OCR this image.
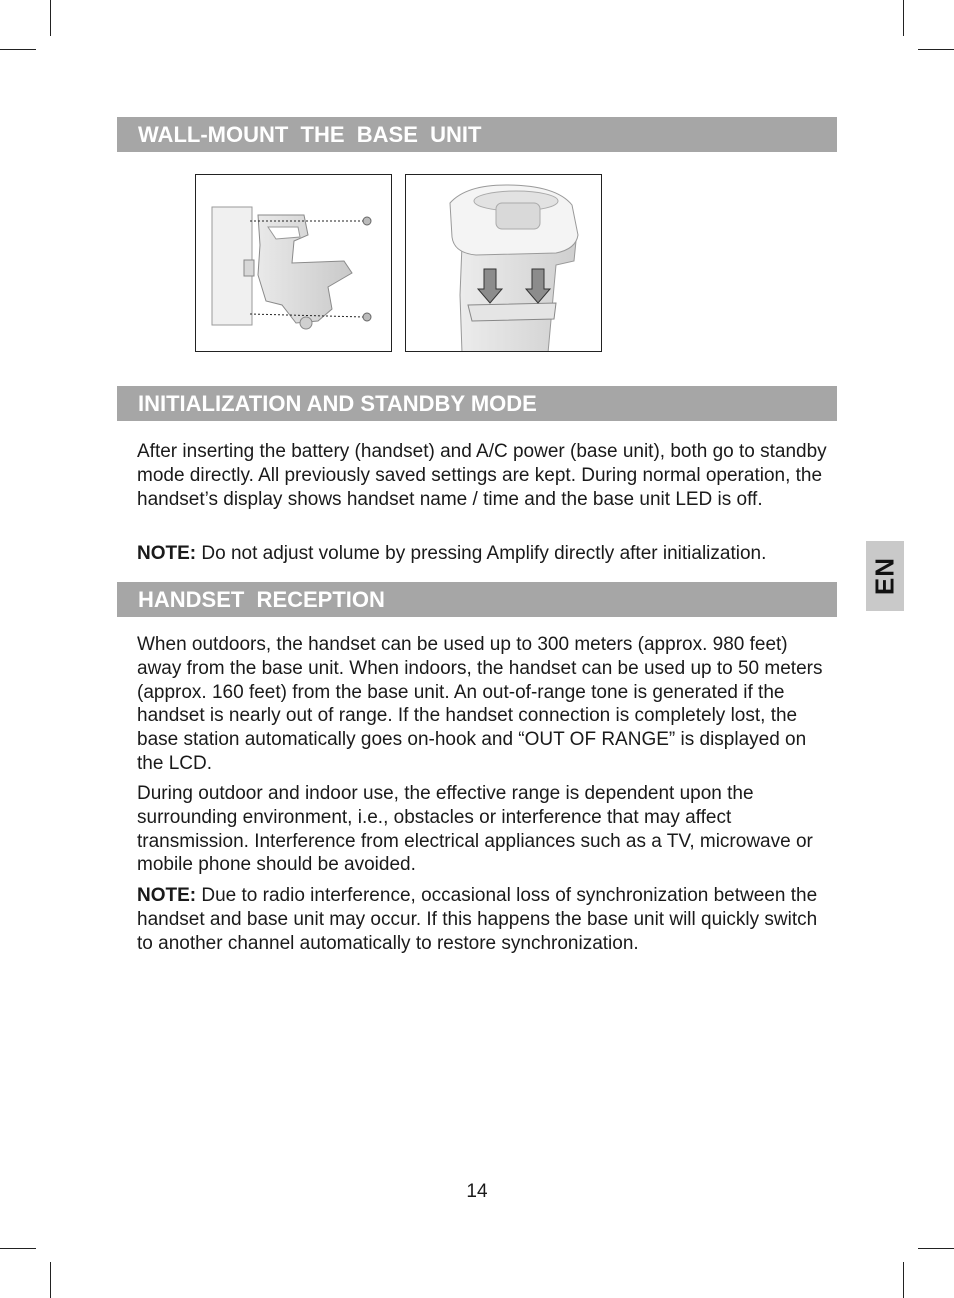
WALL-MOUNT  THE  BASE  UNIT
INITIALIZATION AND STANDBY MODE

After inserting the battery (handset) and A/C power (base unit), both go to standby mode directly. All previously saved settings are kept. During normal operation, the handset’s display shows handset name / time and the base unit LED is off.

NOTE: Do not adjust volume by pressing Amplify directly after initialization.

HANDSET  RECEPTION

When outdoors, the handset can be used up to 300 meters (approx. 980 feet) away from the base unit. When indoors, the handset can be used up to 50 meters (approx. 160 feet) from the base unit. An out-of-range tone is generated if the handset is nearly out of range. If the handset connection is completely lost, the base station automatically goes on-hook and “OUT OF RANGE” is displayed on the LCD.

During outdoor and indoor use, the effective range is dependent upon the surrounding environment, i.e., obstacles or interference that may affect transmission. Interference from electrical appliances such as a TV, microwave or mobile phone should be avoided.

NOTE: Due to radio interference, occasional loss of synchronization between the handset and base unit may occur. If this happens the base unit will quickly switch to another channel automatically to restore synchronization.

EN
14
